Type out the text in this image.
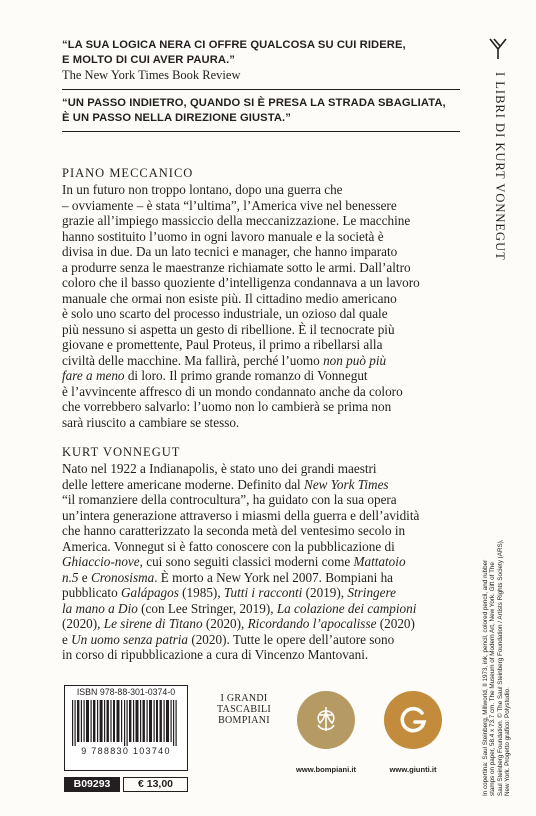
“LA SUA LOGICA NERA CI OFFRE QUALCOSA SU CUI RIDERE,
E MOLTO DI CUI AVER PAURA.”
The New York Times Book Review
“UN PASSO INDIETRO, QUANDO SI È PRESA LA STRADA SBAGLIATA,
È UN PASSO NELLA DIREZIONE GIUSTA.”	I LIBRI DI KURT VONNEGUT
PIANO MECCANICO
In un futuro non troppo lontano, dopo una guerra che
– ovviamente – è stata “l’ultima”, l’America vive nel benessere
grazie all’impiego massiccio della meccanizzazione. Le macchine
hanno sostituito l’uomo in ogni lavoro manuale e la società è
divisa in due. Da un lato tecnici e manager, che hanno imparato
a produrre senza le maestranze richiamate sotto le armi. Dall’altro
coloro che il basso quoziente d’intelligenza condannava a un lavoro
manuale che ormai non esiste più. Il cittadino medio americano
è solo uno scarto del processo industriale, un ozioso dal quale
più nessuno si aspetta un gesto di ribellione. È il tecnocrate più
giovane e promettente, Paul Proteus, il primo a ribellarsi alla
civiltà delle macchine. Ma fallirà, perché l’uomo non può più
fare a meno di loro. Il primo grande romanzo di Vonnegut
è l’avvincente affresco di un mondo condannato anche da coloro
che vorrebbero salvarlo: l’uomo non lo cambierà se prima non
sarà riuscito a cambiare se stesso.
KURT VONNEGUT
Nato nel 1922 a Indianapolis, è stato uno dei grandi maestri
delle lettere americane moderne. Definito dal New York Times
“il romanziere della controcultura”, ha guidato con la sua opera
un’intera generazione attraverso i miasmi della guerra e dell’avidità
che hanno caratterizzato la seconda metà del ventesimo secolo in
America. Vonnegut si è fatto conoscere con la pubblicazione di
Ghiaccio-nove, cui sono seguiti classici moderni come Mattatoio
n.5 e Cronosisma. È morto a New York nel 2007. Bompiani ha
pubblicato Galápagos (1985), Tutti i racconti (2019), Stringere
la mano a Dio (con Lee Stringer, 2019), La colazione dei campioni
(2020), Le sirene di Titano (2020), Ricordando l’apocalisse (2020)
e Un uomo senza patria (2020). Tutte le opere dell’autore sono
in corso di ripubblicazione a cura di Vincenzo Mantovani.	In copertina: Saul Steinberg, Millworld, II 1973, ink, pencil, colored pencil, and rubber stamps on paper, 58.4 x 73.7 cm. The Museum of Modern Art, New York. Gift of The Saul Steinberg Foundation. © The Saul Steinberg Foundation / Artists Rights Society (ARS), New York. Progetto grafico: Polystudio.
ISBN 978-88-301-0374-0
9 788830 103740
B09293	€ 13,00
I GRANDI
TASCABILI
BOMPIANI
www.bompiani.it	www.giunti.it
